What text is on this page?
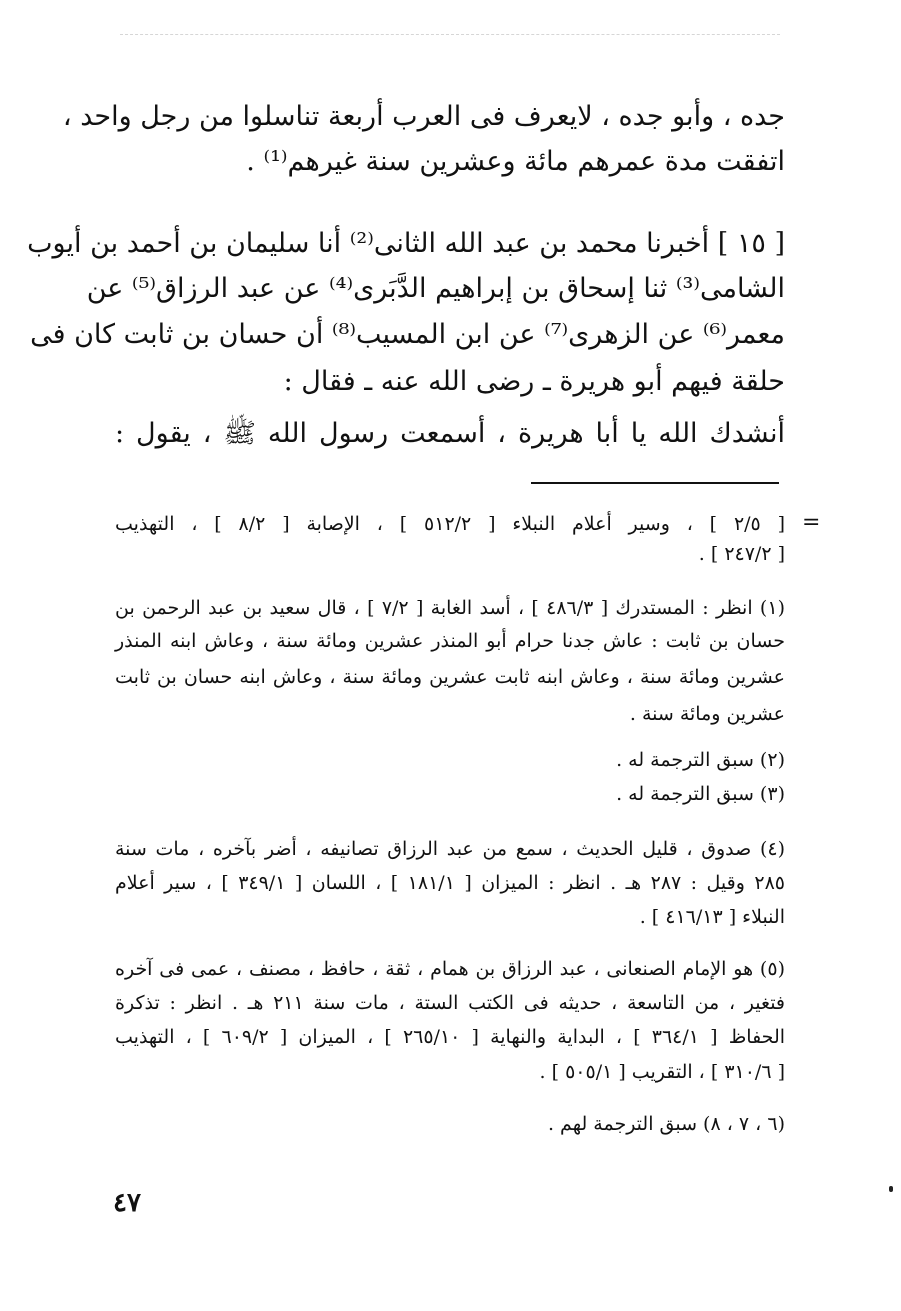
جده ، وأبو جده ، لايعرف فى العرب أربعة تناسلوا من رجل واحد ،
اتفقت مدة عمرهم مائة وعشرين سنة غيرهم⁽¹⁾ .
[ ١٥ ] أخبرنا محمد بن عبد الله الثانى⁽²⁾ أنا سليمان بن أحمد بن أيوب
الشامى⁽³⁾ ثنا إسحاق بن إبراهيم الدَّبَرى⁽⁴⁾ عن عبد الرزاق⁽⁵⁾ عن
معمر⁽⁶⁾ عن الزهرى⁽⁷⁾ عن ابن المسيب⁽⁸⁾ أن حسان بن ثابت كان فى
حلقة فيهم أبو هريرة ـ رضى الله عنه ـ فقال :
أنشدك الله يا أبا هريرة ، أسمعت رسول الله ﷺ ، يقول :
=
[ ٢/٥ ] ، وسير أعلام النبلاء [ ٥١٢/٢ ] ، الإصابة [ ٨/٢ ] ، التهذيب
[ ٢٤٧/٢ ] .
(١) انظر : المستدرك [ ٤٨٦/٣ ] ، أسد الغابة [ ٧/٢ ] ، قال سعيد بن عبد الرحمن بن
حسان بن ثابت : عاش جدنا حرام أبو المنذر عشرين ومائة سنة ، وعاش ابنه المنذر
عشرين ومائة سنة ، وعاش ابنه ثابت عشرين ومائة سنة ، وعاش ابنه حسان بن ثابت
عشرين ومائة سنة .
(٢) سبق الترجمة له .
(٣) سبق الترجمة له .
(٤) صدوق ، قليل الحديث ، سمع من عبد الرزاق تصانيفه ، أضر بآخره ، مات سنة
٢٨٥ وقيل : ٢٨٧ هـ . انظر : الميزان [ ١٨١/١ ] ، اللسان [ ٣٤٩/١ ] ، سير أعلام
النبلاء [ ٤١٦/١٣ ] .
(٥) هو الإمام الصنعانى ، عبد الرزاق بن همام ، ثقة ، حافظ ، مصنف ، عمى فى آخره
فتغير ، من التاسعة ، حديثه فى الكتب الستة ، مات سنة ٢١١ هـ . انظر : تذكرة
الحفاظ [ ٣٦٤/١ ] ، البداية والنهاية [ ٢٦٥/١٠ ] ، الميزان [ ٦٠٩/٢ ] ، التهذيب
[ ٣١٠/٦ ] ، التقريب [ ٥٠٥/١ ] .
(٦ ، ٧ ، ٨) سبق الترجمة لهم .
٤٧
